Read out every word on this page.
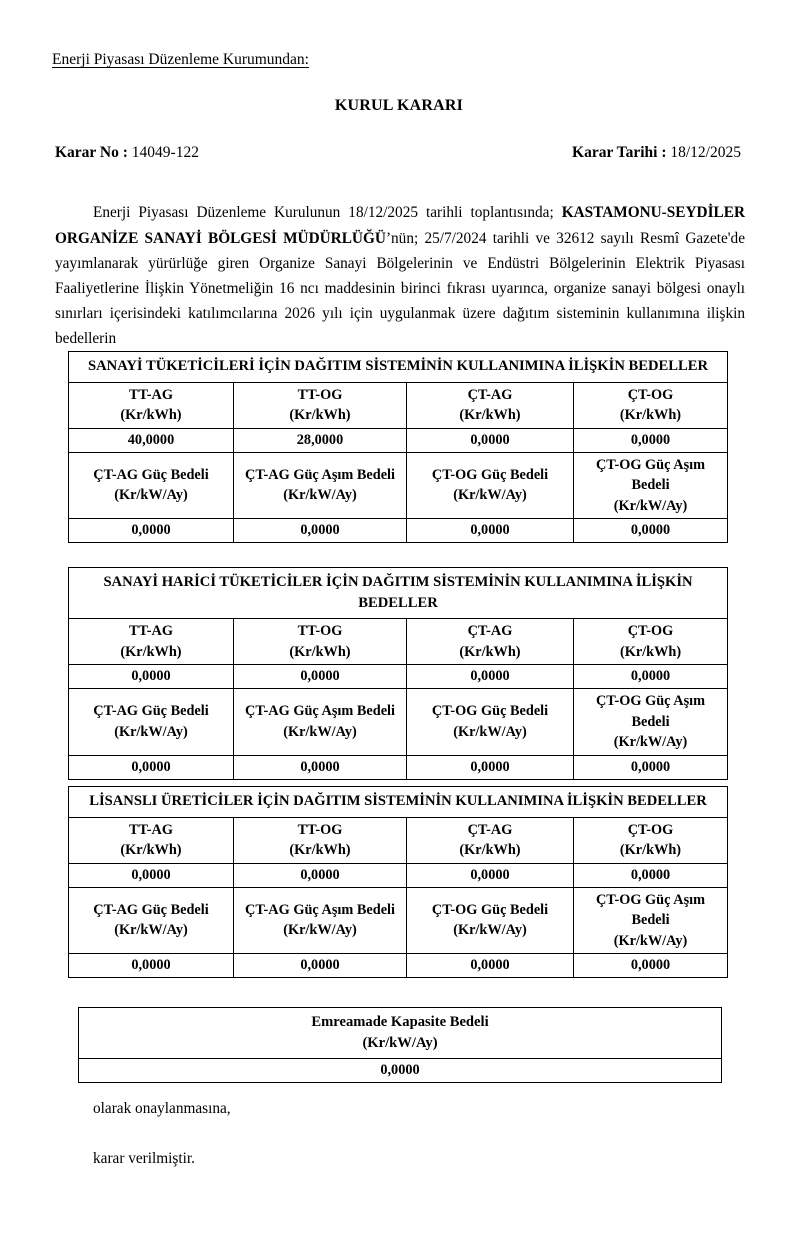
Enerji Piyasası Düzenleme Kurumundan:
KURUL KARARI
Karar No : 14049-122	Karar Tarihi : 18/12/2025

Enerji Piyasası Düzenleme Kurulunun 18/12/2025 tarihli toplantısında; KASTAMONU-SEYDİLER ORGANİZE SANAYİ BÖLGESİ MÜDÜRLÜĞÜ’nün; 25/7/2024 tarihli ve 32612 sayılı Resmî Gazete'de yayımlanarak yürürlüğe giren Organize Sanayi Bölgelerinin ve Endüstri Bölgelerinin Elektrik Piyasası Faaliyetlerine İlişkin Yönetmeliğin 16 ncı maddesinin birinci fıkrası uyarınca, organize sanayi bölgesi onaylı sınırları içerisindeki katılımcılarına 2026 yılı için uygulanmak üzere dağıtım sisteminin kullanımına ilişkin bedellerin

SANAYİ TÜKETİCİLERİ İÇİN DAĞITIM SİSTEMİNİN KULLANIMINA İLİŞKİN BEDELLER			
TT-AG
(Kr/kWh)	TT-OG
(Kr/kWh)	ÇT-AG
(Kr/kWh)	ÇT-OG
(Kr/kWh)
40,0000	28,0000	0,0000	0,0000
ÇT-AG Güç Bedeli
(Kr/kW/Ay)	ÇT-AG Güç Aşım Bedeli
(Kr/kW/Ay)	ÇT-OG Güç Bedeli
(Kr/kW/Ay)	ÇT-OG Güç Aşım Bedeli
(Kr/kW/Ay)
0,0000	0,0000	0,0000	0,0000
SANAYİ HARİCİ TÜKETİCİLER İÇİN DAĞITIM SİSTEMİNİN KULLANIMINA İLİŞKİN BEDELLER			
TT-AG
(Kr/kWh)	TT-OG
(Kr/kWh)	ÇT-AG
(Kr/kWh)	ÇT-OG
(Kr/kWh)
0,0000	0,0000	0,0000	0,0000
ÇT-AG Güç Bedeli
(Kr/kW/Ay)	ÇT-AG Güç Aşım Bedeli
(Kr/kW/Ay)	ÇT-OG Güç Bedeli
(Kr/kW/Ay)	ÇT-OG Güç Aşım Bedeli
(Kr/kW/Ay)
0,0000	0,0000	0,0000	0,0000
LİSANSLI ÜRETİCİLER İÇİN DAĞITIM SİSTEMİNİN KULLANIMINA İLİŞKİN BEDELLER			
TT-AG
(Kr/kWh)	TT-OG
(Kr/kWh)	ÇT-AG
(Kr/kWh)	ÇT-OG
(Kr/kWh)
0,0000	0,0000	0,0000	0,0000
ÇT-AG Güç Bedeli
(Kr/kW/Ay)	ÇT-AG Güç Aşım Bedeli
(Kr/kW/Ay)	ÇT-OG Güç Bedeli
(Kr/kW/Ay)	ÇT-OG Güç Aşım Bedeli
(Kr/kW/Ay)
0,0000	0,0000	0,0000	0,0000
Emreamade Kapasite Bedeli
(Kr/kW/Ay)
0,0000
olarak onaylanmasına,
karar verilmiştir.
